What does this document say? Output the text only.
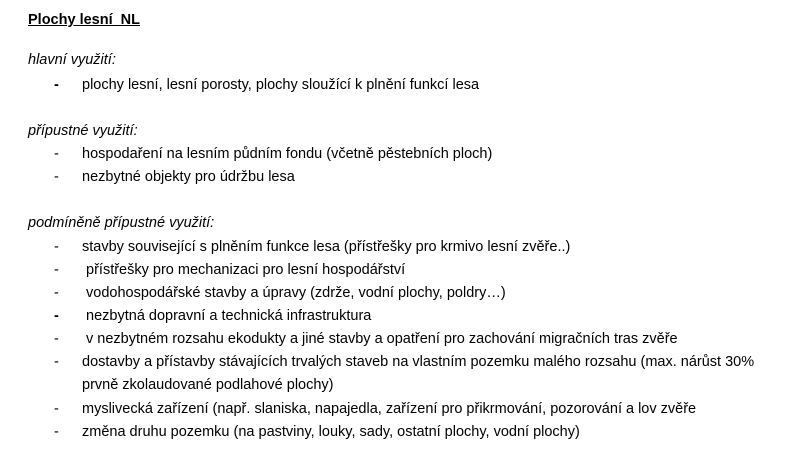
Plochy lesní  NL
hlavní využití:
- plochy lesní, lesní porosty, plochy sloužící k plnění funkcí lesa
přípustné využití:
- hospodaření na lesním půdním fondu (včetně pěstebních ploch)
- nezbytné objekty pro údržbu lesa
podmíněně přípustné využití:
- stavby související s plněním funkce lesa (přístřešky pro krmivo lesní zvěře..)
- přístřešky pro mechanizaci pro lesní hospodářství
- vodohospodářské stavby a úpravy (zdrže, vodní plochy, poldry…)
- nezbytná dopravní a technická infrastruktura
- v nezbytném rozsahu ekodukty a jiné stavby a opatření pro zachování migračních tras zvěře
- dostavby a přístavby stávajících trvalých staveb na vlastním pozemku malého rozsahu (max. nárůst 30%
prvně zkolaudované podlahové plochy)
- myslivecká zařízení (např. slaniska, napajedla, zařízení pro přikrmování, pozorování a lov zvěře
- změna druhu pozemku (na pastviny, louky, sady, ostatní plochy, vodní plochy)
